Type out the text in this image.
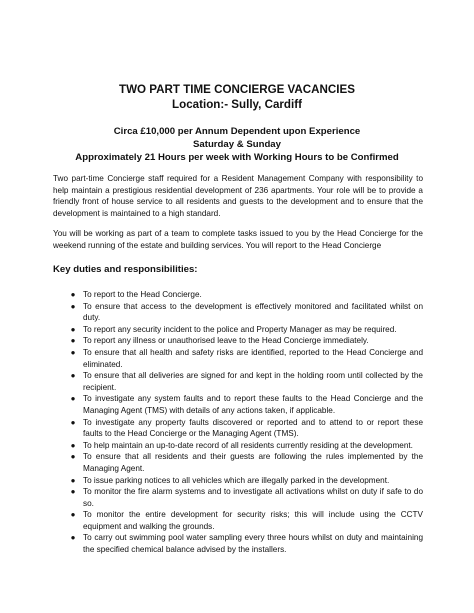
TWO PART TIME CONCIERGE VACANCIES

Location:- Sully, Cardiff

Circa £10,000 per Annum Dependent upon Experience

Saturday & Sunday

Approximately 21 Hours per week with Working Hours to be Confirmed

Two part-time Concierge staff required for a Resident Management Company with responsibility to help maintain a prestigious residential development of 236 apartments. Your role will be to provide a friendly front of house service to all residents and guests to the development and to ensure that the development is maintained to a high standard.

You will be working as part of a team to complete tasks issued to you by the Head Concierge for the weekend running of the estate and building services. You will report to the Head Concierge

Key duties and responsibilities:

● To report to the Head Concierge.
● To ensure that access to the development is effectively monitored and facilitated whilst on duty.
● To report any security incident to the police and Property Manager as may be required.
● To report any illness or unauthorised leave to the Head Concierge immediately.
● To ensure that all health and safety risks are identified, reported to the Head Concierge and eliminated.
● To ensure that all deliveries are signed for and kept in the holding room until collected by the recipient.
● To investigate any system faults and to report these faults to the Head Concierge and the Managing Agent (TMS) with details of any actions taken, if applicable.
● To investigate any property faults discovered or reported and to attend to or report these faults to the Head Concierge or the Managing Agent (TMS).
● To help maintain an up-to-date record of all residents currently residing at the development.
● To ensure that all residents and their guests are following the rules implemented by the Managing Agent.
● To issue parking notices to all vehicles which are illegally parked in the development.
● To monitor the fire alarm systems and to investigate all activations whilst on duty if safe to do so.
● To monitor the entire development for security risks; this will include using the CCTV equipment and walking the grounds.
● To carry out swimming pool water sampling every three hours whilst on duty and maintaining the specified chemical balance advised by the installers.
